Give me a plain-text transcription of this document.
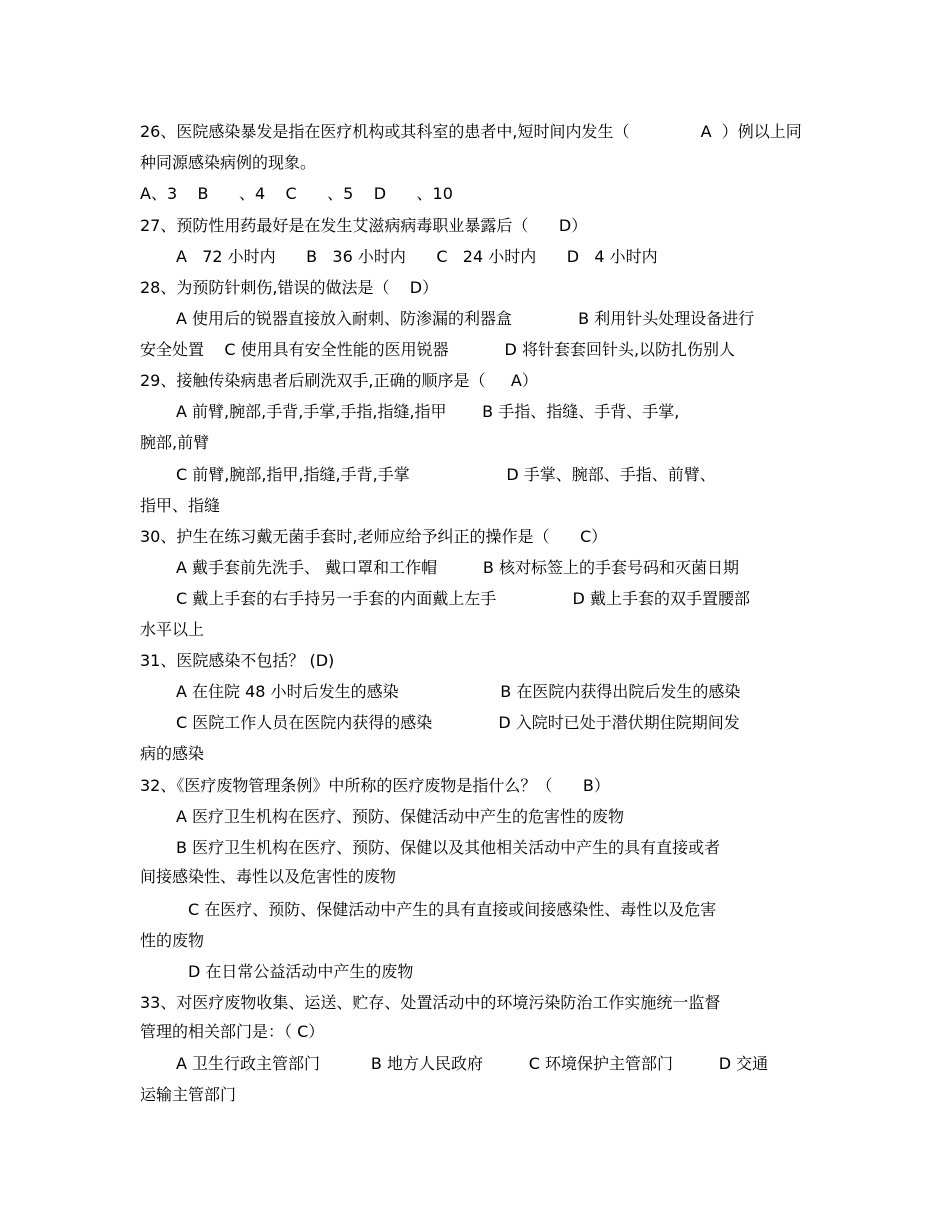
26、医院感染暴发是指在医疗机构或其科室的患者中,短时间内发生（              A  ）例以上同
种同源感染病例的现象。
A、3    B      、4    C      、5    D      、10
27、预防性用药最好是在发生艾滋病病毒职业暴露后（      D）
A   72 小时内      B   36 小时内      C   24 小时内      D   4 小时内
28、为预防针刺伤,错误的做法是（    D）
A 使用后的锐器直接放入耐刺、防渗漏的利器盒             B 利用针头处理设备进行
安全处置    C 使用具有安全性能的医用锐器           D 将针套套回针头,以防扎伤别人
29、接触传染病患者后刷洗双手,正确的顺序是（     A）
A 前臂,腕部,手背,手掌,手指,指缝,指甲       B 手指、指缝、手背、手掌,
腕部,前臂
C 前臂,腕部,指甲,指缝,手背,手掌                   D 手掌、腕部、手指、前臂、
指甲、指缝
30、护生在练习戴无菌手套时,老师应给予纠正的操作是（      C）
A 戴手套前先洗手、 戴口罩和工作帽         B 核对标签上的手套号码和灭菌日期
C 戴上手套的右手持另一手套的内面戴上左手               D 戴上手套的双手置腰部
水平以上
31、医院感染不包括？ (D)
A 在住院 48 小时后发生的感染                    B 在医院内获得出院后发生的感染
C 医院工作人员在医院内获得的感染             D 入院时已处于潜伏期住院期间发
病的感染
32、《医疗废物管理条例》中所称的医疗废物是指什么？（      B）
A 医疗卫生机构在医疗、预防、保健活动中产生的危害性的废物
B 医疗卫生机构在医疗、预防、保健以及其他相关活动中产生的具有直接或者
间接感染性、毒性以及危害性的废物
C 在医疗、预防、保健活动中产生的具有直接或间接感染性、毒性以及危害
性的废物
D 在日常公益活动中产生的废物
33、对医疗废物收集、运送、贮存、处置活动中的环境污染防治工作实施统一监督
管理的相关部门是：（ C）
A 卫生行政主管部门          B 地方人民政府         C 环境保护主管部门         D 交通
运输主管部门
